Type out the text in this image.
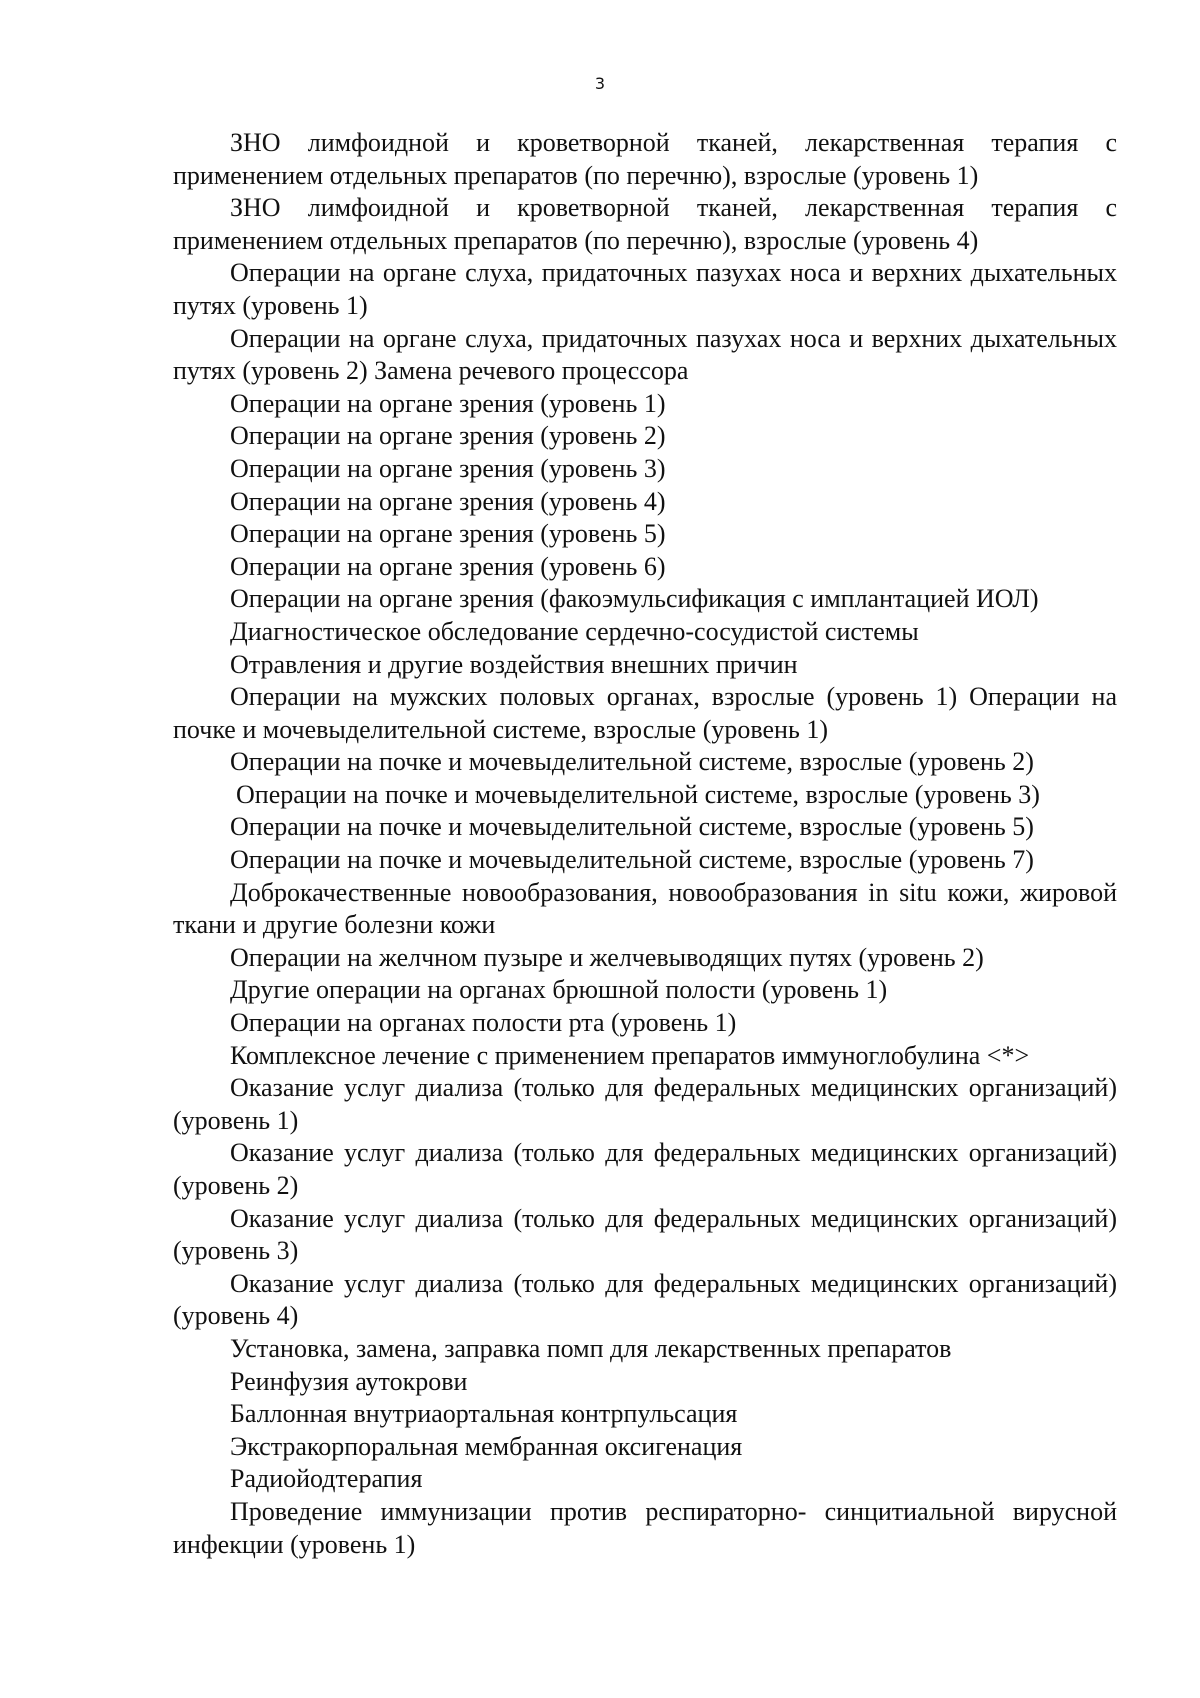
3

ЗНО лимфоидной и кроветворной тканей, лекарственная терапия с применением отдельных препаратов (по перечню), взрослые (уровень 1)

ЗНО лимфоидной и кроветворной тканей, лекарственная терапия с применением отдельных препаратов (по перечню), взрослые (уровень 4)

Операции на органе слуха, придаточных пазухах носа и верхних дыхательных путях (уровень 1)

Операции на органе слуха, придаточных пазухах носа и верхних дыхательных путях (уровень 2) Замена речевого процессора

Операции на органе зрения (уровень 1)

Операции на органе зрения (уровень 2)

Операции на органе зрения (уровень 3)

Операции на органе зрения (уровень 4)

Операции на органе зрения (уровень 5)

Операции на органе зрения (уровень 6)

Операции на органе зрения (факоэмульсификация с имплантацией ИОЛ)

Диагностическое обследование сердечно-сосудистой системы

Отравления и другие воздействия внешних причин

Операции на мужских половых органах, взрослые (уровень 1) Операции на почке и мочевыделительной системе, взрослые (уровень 1)

Операции на почке и мочевыделительной системе, взрослые (уровень 2)

Операции на почке и мочевыделительной системе, взрослые (уровень 3)

Операции на почке и мочевыделительной системе, взрослые (уровень 5)

Операции на почке и мочевыделительной системе, взрослые (уровень 7)

Доброкачественные новообразования, новообразования in situ кожи, жировой ткани и другие болезни кожи

Операции на желчном пузыре и желчевыводящих путях (уровень 2)

Другие операции на органах брюшной полости (уровень 1)

Операции на органах полости рта (уровень 1)

Комплексное лечение с применением препаратов иммуноглобулина <*>

Оказание услуг диализа (только для федеральных медицинских организаций) (уровень 1)

Оказание услуг диализа (только для федеральных медицинских организаций) (уровень 2)

Оказание услуг диализа (только для федеральных медицинских организаций) (уровень 3)

Оказание услуг диализа (только для федеральных медицинских организаций) (уровень 4)

Установка, замена, заправка помп для лекарственных препаратов

Реинфузия аутокрови

Баллонная внутриаортальная контрпульсация

Экстракорпоральная мембранная оксигенация

Радиойодтерапия

Проведение иммунизации против респираторно- синцитиальной вирусной инфекции (уровень 1)
